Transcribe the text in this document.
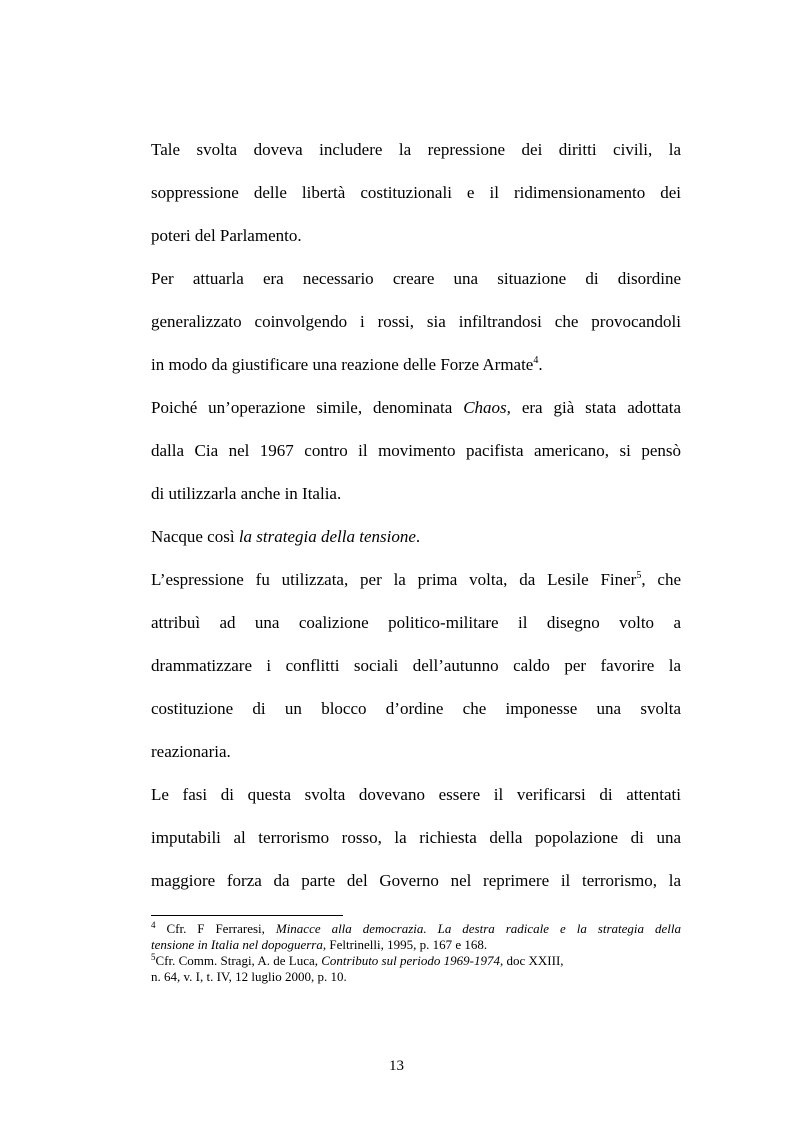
Tale svolta doveva includere la repressione dei diritti civili, la
soppressione delle libertà costituzionali e il ridimensionamento dei
poteri del Parlamento.
Per attuarla era necessario creare una situazione di disordine
generalizzato coinvolgendo i rossi, sia infiltrandosi che provocandoli
in modo da giustificare una reazione delle Forze Armate$^4$.
Poiché un’operazione simile, denominata Chaos, era già stata adottata
dalla Cia nel 1967 contro il movimento pacifista americano, si pensò
di utilizzarla anche in Italia.
Nacque così la strategia della tensione.
L’espressione fu utilizzata, per la prima volta, da Lesile Finer$^5$, che
attribuì ad una coalizione politico-militare il disegno volto a
drammatizzare i conflitti sociali dell’autunno caldo per favorire la
costituzione di un blocco d’ordine che imponesse una svolta
reazionaria.
Le fasi di questa svolta dovevano essere il verificarsi di attentati
imputabili al terrorismo rosso, la richiesta della popolazione di una
maggiore forza da parte del Governo nel reprimere il terrorismo, la
$^4$ Cfr. F Ferraresi, Minacce alla democrazia. La destra radicale e la strategia della
tensione in Italia nel dopoguerra, Feltrinelli, 1995, p. 167 e 168.
$^5$Cfr. Comm. Stragi, A. de Luca, Contributo sul periodo 1969-1974, doc XXIII,
n. 64, v. I, t. IV, 12 luglio 2000, p. 10.
13
